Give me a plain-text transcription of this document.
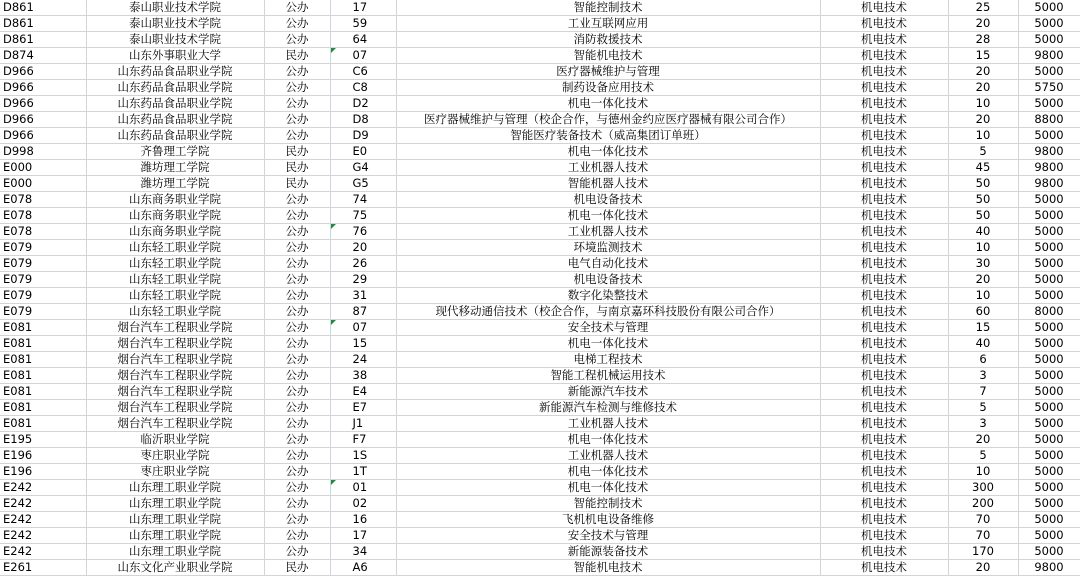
D861	泰山职业技术学院	公办	17	智能控制技术	机电技术	25	5000
D861	泰山职业技术学院	公办	59	工业互联网应用	机电技术	20	5000
D861	泰山职业技术学院	公办	64	消防救援技术	机电技术	28	5000
D874	山东外事职业大学	民办	07	智能机电技术	机电技术	15	9800
D966	山东药品食品职业学院	公办	C6	医疗器械维护与管理	机电技术	20	5000
D966	山东药品食品职业学院	公办	C8	制药设备应用技术	机电技术	20	5750
D966	山东药品食品职业学院	公办	D2	机电一体化技术	机电技术	10	5000
D966	山东药品食品职业学院	公办	D8	医疗器械维护与管理（校企合作，与德州金约应医疗器械有限公司合作）	机电技术	20	8800
D966	山东药品食品职业学院	公办	D9	智能医疗装备技术（威高集团订单班）	机电技术	10	5000
D998	齐鲁理工学院	民办	E0	机电一体化技术	机电技术	5	9800
E000	潍坊理工学院	民办	G4	工业机器人技术	机电技术	45	9800
E000	潍坊理工学院	民办	G5	智能机器人技术	机电技术	50	9800
E078	山东商务职业学院	公办	74	机电设备技术	机电技术	50	5000
E078	山东商务职业学院	公办	75	机电一体化技术	机电技术	50	5000
E078	山东商务职业学院	公办	76	工业机器人技术	机电技术	40	5000
E079	山东轻工职业学院	公办	20	环境监测技术	机电技术	10	5000
E079	山东轻工职业学院	公办	26	电气自动化技术	机电技术	30	5000
E079	山东轻工职业学院	公办	29	机电设备技术	机电技术	20	5000
E079	山东轻工职业学院	公办	31	数字化染整技术	机电技术	10	5000
E079	山东轻工职业学院	公办	87	现代移动通信技术（校企合作，与南京嘉环科技股份有限公司合作）	机电技术	60	8000
E081	烟台汽车工程职业学院	公办	07	安全技术与管理	机电技术	15	5000
E081	烟台汽车工程职业学院	公办	15	机电一体化技术	机电技术	40	5000
E081	烟台汽车工程职业学院	公办	24	电梯工程技术	机电技术	6	5000
E081	烟台汽车工程职业学院	公办	38	智能工程机械运用技术	机电技术	3	5000
E081	烟台汽车工程职业学院	公办	E4	新能源汽车技术	机电技术	7	5000
E081	烟台汽车工程职业学院	公办	E7	新能源汽车检测与维修技术	机电技术	5	5000
E081	烟台汽车工程职业学院	公办	J1	工业机器人技术	机电技术	3	5000
E195	临沂职业学院	公办	F7	机电一体化技术	机电技术	20	5000
E196	枣庄职业学院	公办	1S	工业机器人技术	机电技术	5	5000
E196	枣庄职业学院	公办	1T	机电一体化技术	机电技术	10	5000
E242	山东理工职业学院	公办	01	机电一体化技术	机电技术	300	5000
E242	山东理工职业学院	公办	02	智能控制技术	机电技术	200	5000
E242	山东理工职业学院	公办	16	飞机机电设备维修	机电技术	70	5000
E242	山东理工职业学院	公办	17	安全技术与管理	机电技术	70	5000
E242	山东理工职业学院	公办	34	新能源装备技术	机电技术	170	5000
E261	山东文化产业职业学院	民办	A6	智能机电技术	机电技术	20	9800
